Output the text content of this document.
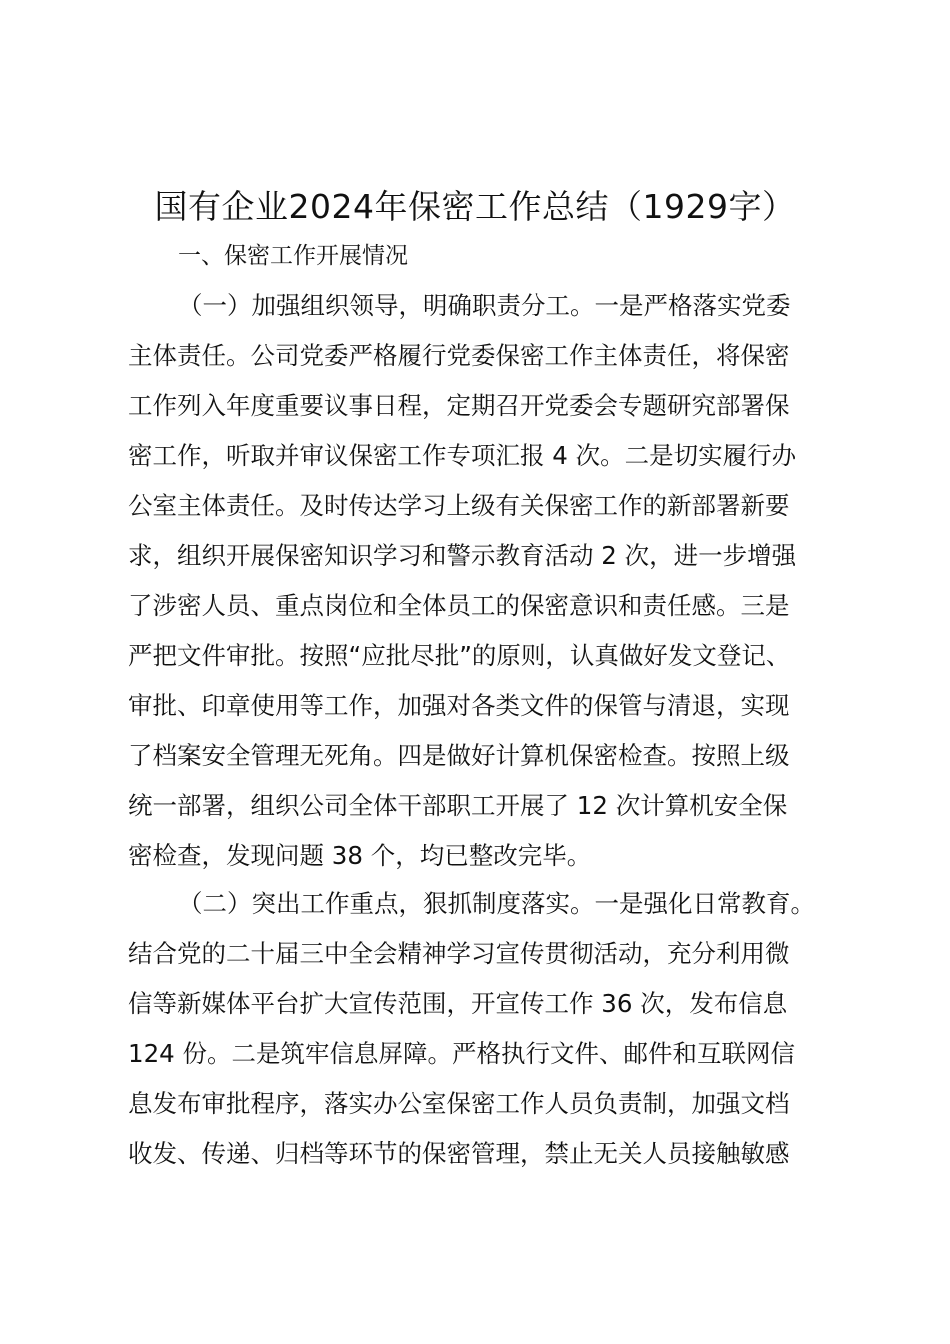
国有企业2024年保密工作总结（1929字）
一、保密工作开展情况
（一）加强组织领导，明确职责分工。一是严格落实党委
主体责任。公司党委严格履行党委保密工作主体责任，将保密
工作列入年度重要议事日程，定期召开党委会专题研究部署保
密工作，听取并审议保密工作专项汇报 4 次。二是切实履行办
公室主体责任。及时传达学习上级有关保密工作的新部署新要
求，组织开展保密知识学习和警示教育活动 2 次，进一步增强
了涉密人员、重点岗位和全体员工的保密意识和责任感。三是
严把文件审批。按照“应批尽批”的原则，认真做好发文登记、
审批、印章使用等工作，加强对各类文件的保管与清退，实现
了档案安全管理无死角。四是做好计算机保密检查。按照上级
统一部署，组织公司全体干部职工开展了 12 次计算机安全保
密检查，发现问题 38 个，均已整改完毕。
（二）突出工作重点，狠抓制度落实。一是强化日常教育。
结合党的二十届三中全会精神学习宣传贯彻活动，充分利用微
信等新媒体平台扩大宣传范围，开宣传工作 36 次，发布信息
124 份。二是筑牢信息屏障。严格执行文件、邮件和互联网信
息发布审批程序，落实办公室保密工作人员负责制，加强文档
收发、传递、归档等环节的保密管理，禁止无关人员接触敏感
